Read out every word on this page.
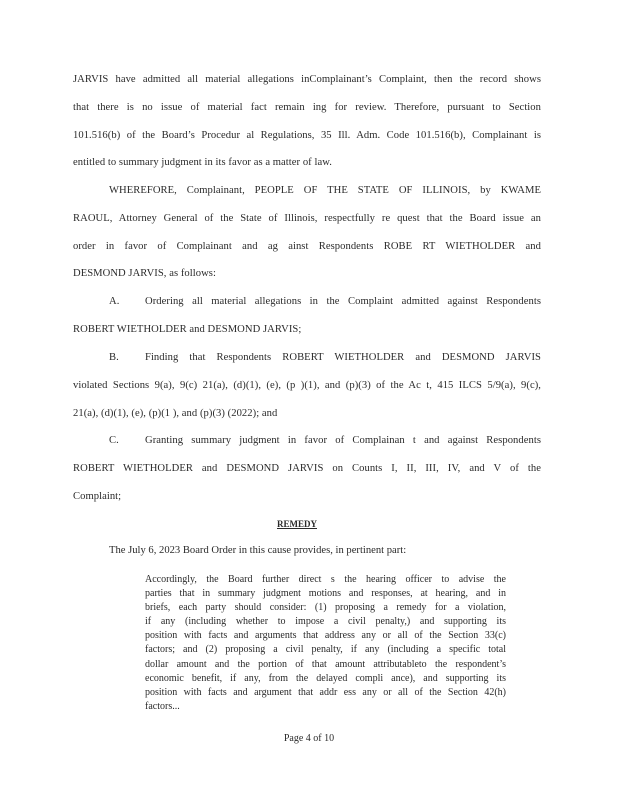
JARVIS have admitted all material allegations inComplainant’s Complaint, then the record shows
that there is no issue of material fact remain ing for review. Therefore, pursuant to Section
101.516(b) of the Board’s Procedur al Regulations, 35 Ill. Adm. Code 101.516(b), Complainant is
entitled to summary judgment in its favor as a matter of law.
WHEREFORE, Complainant, PEOPLE OF THE STATE OF ILLINOIS, by KWAME
RAOUL, Attorney General of the State of Illinois, respectfully re quest that the Board issue an
order in favor of Complainant and ag ainst Respondents ROBE RT WIETHOLDER and
DESMOND JARVIS, as follows:
A. Ordering all material allegations in the Complaint admitted against Respondents
ROBERT WIETHOLDER and DESMOND JARVIS;
B. Finding that Respondents ROBERT WIETHOLDER and DESMOND JARVIS
violated Sections 9(a), 9(c) 21(a), (d)(1), (e), (p )(1), and (p)(3) of the Ac t, 415 ILCS 5/9(a), 9(c),
21(a), (d)(1), (e), (p)(1 ), and (p)(3) (2022); and
C. Granting summary judgment in favor of Complainan t and against Respondents
ROBERT WIETHOLDER and DESMOND JARVIS on Counts I, II, III, IV, and V of the
Complaint;
REMEDY
The July 6, 2023 Board Order in this cause provides, in pertinent part:
Accordingly, the Board further direct s the hearing officer to advise the
parties that in summary judgment motions and responses, at hearing, and in
briefs, each party should consider: (1) proposing a remedy for a violation,
if any (including whether to impose a civil penalty,) and supporting its
position with facts and arguments that address any or all of the Section 33(c)
factors; and (2) proposing a civil penalty, if any (including a specific total
dollar amount and the portion of that amount attributableto the respondent’s
economic benefit, if any, from the delayed compli ance), and supporting its
position with facts and argument that addr ess any or all of the Section 42(h)
factors...
Page 4 of 10
